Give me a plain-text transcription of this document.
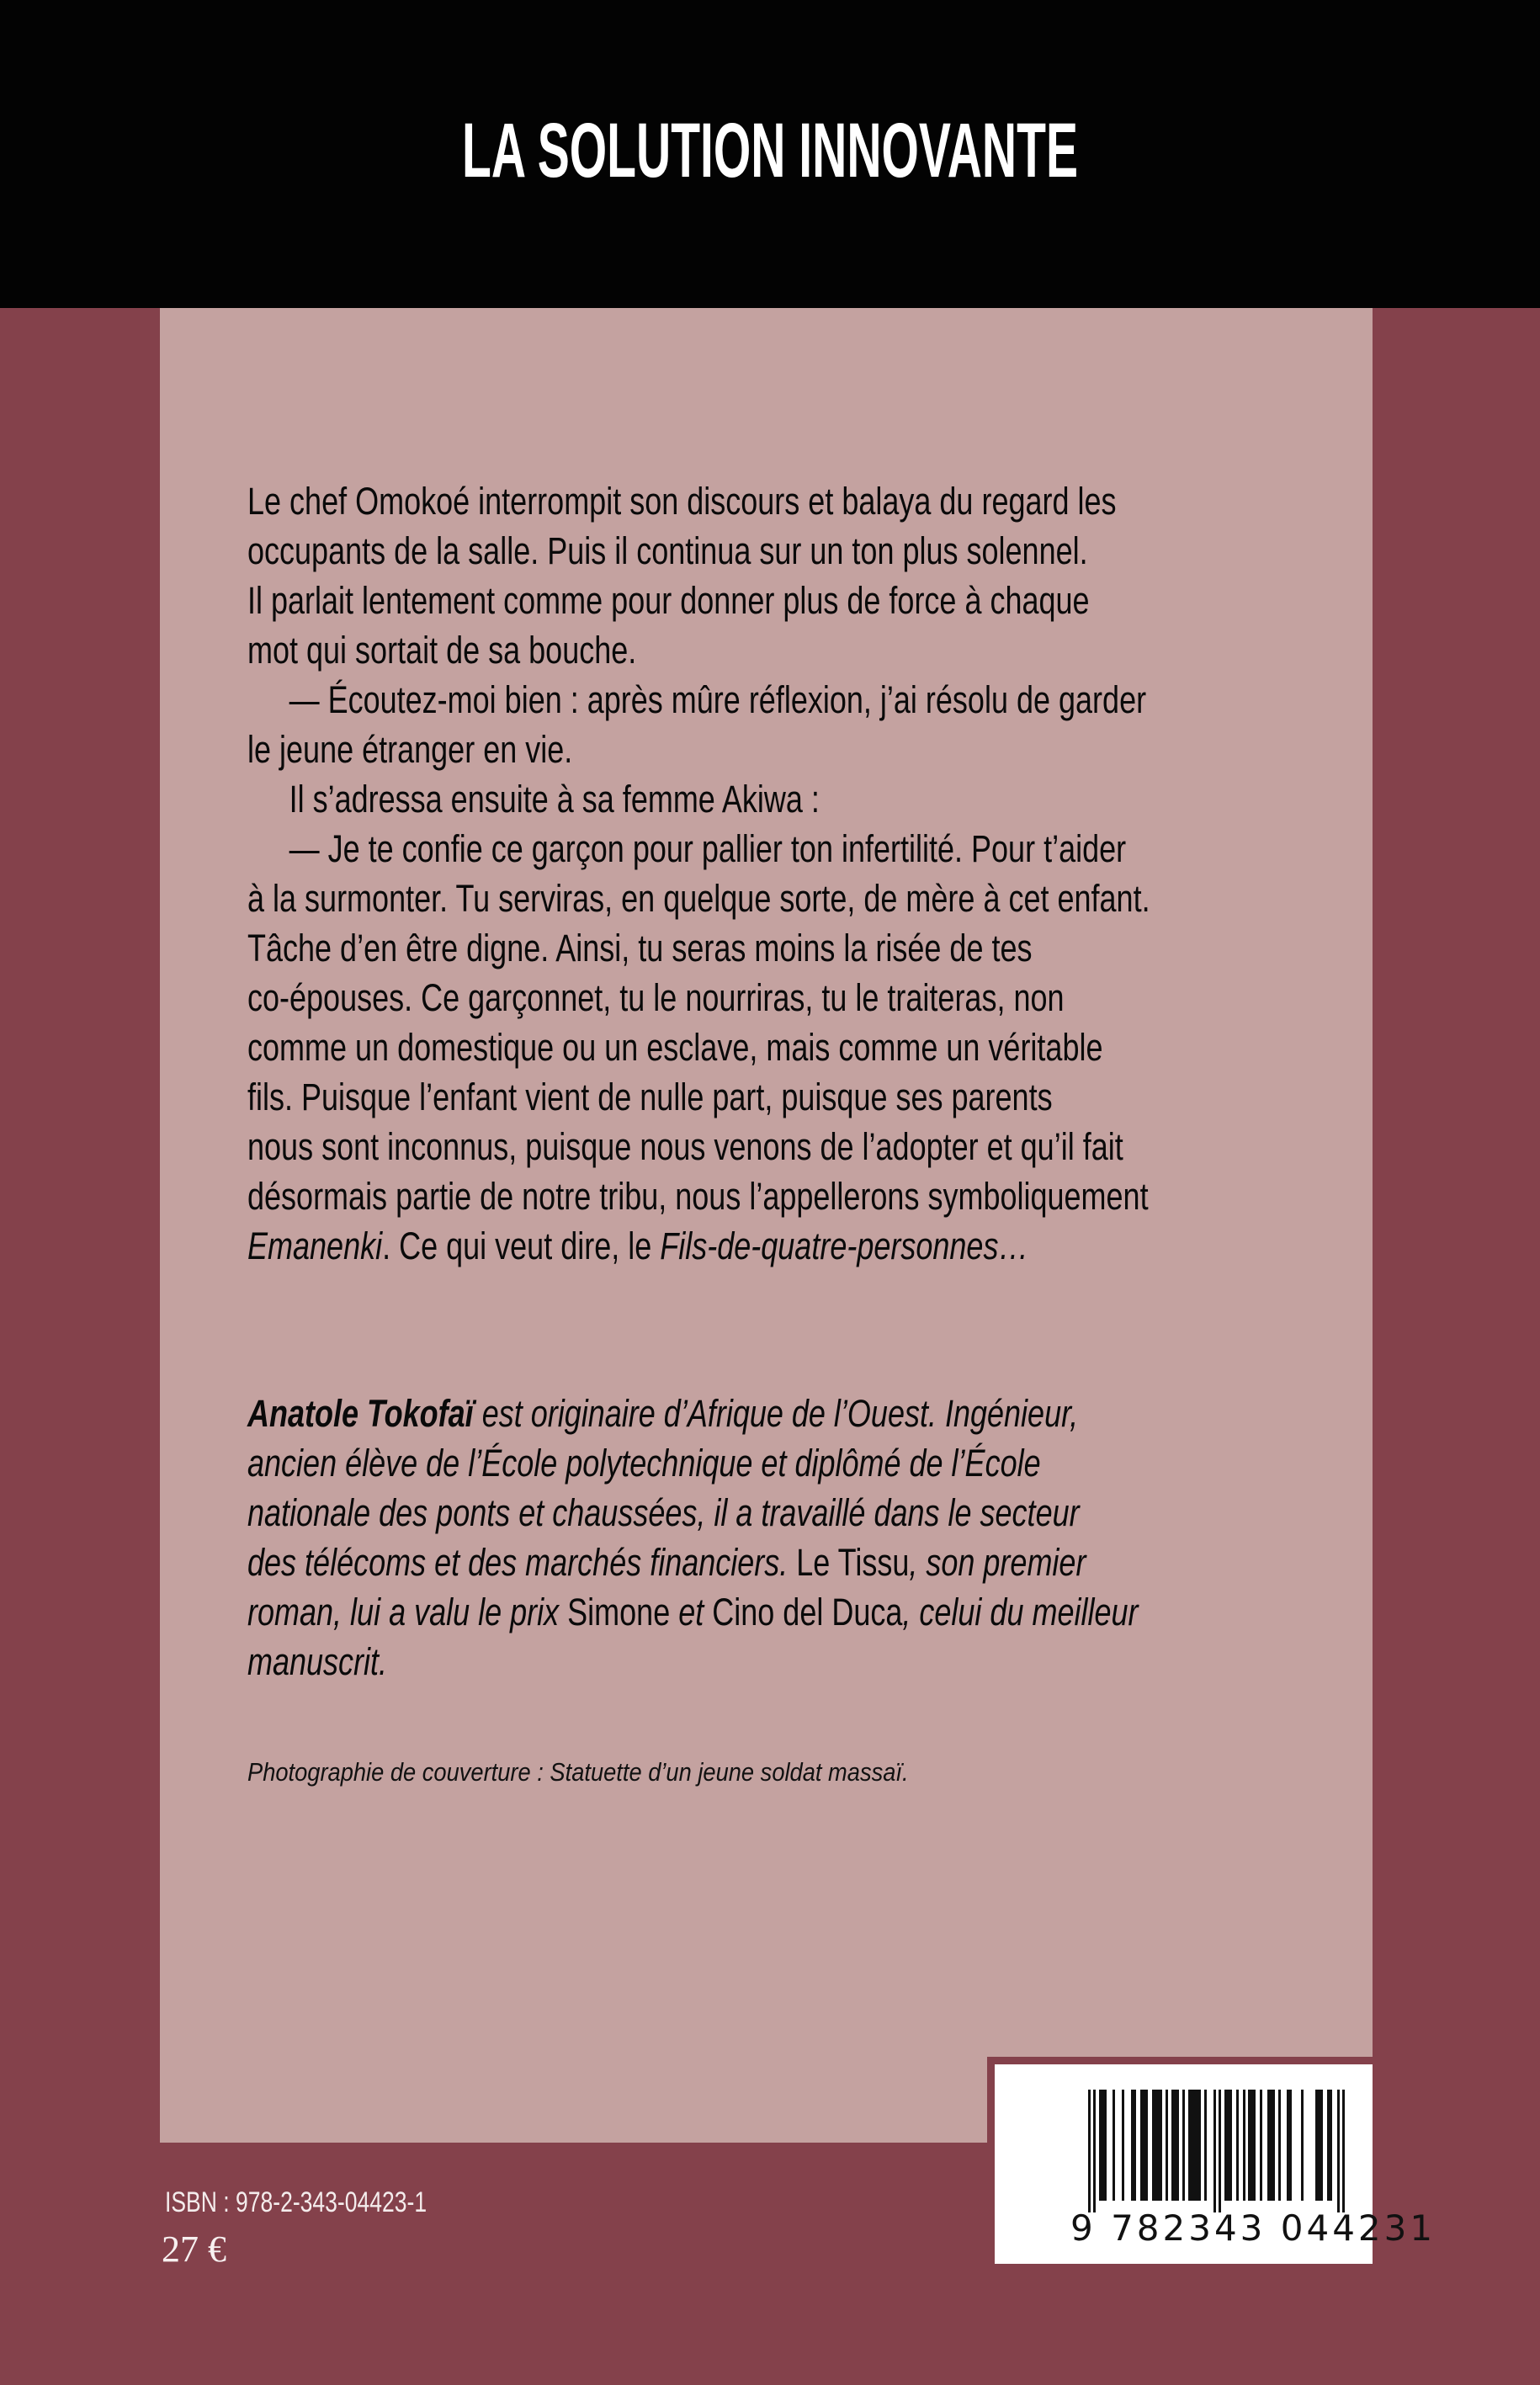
LA SOLUTION INNOVANTE
Le chef Omokoé interrompit son discours et balaya du regard les
occupants de la salle. Puis il continua sur un ton plus solennel.
Il parlait lentement comme pour donner plus de force à chaque
mot qui sortait de sa bouche.
— Écoutez-moi bien : après mûre réflexion, j’ai résolu de garder
le jeune étranger en vie.
Il s’adressa ensuite à sa femme Akiwa :
— Je te confie ce garçon pour pallier ton infertilité. Pour t’aider
à la surmonter. Tu serviras, en quelque sorte, de mère à cet enfant.
Tâche d’en être digne. Ainsi, tu seras moins la risée de tes
co-épouses. Ce garçonnet, tu le nourriras, tu le traiteras, non
comme un domestique ou un esclave, mais comme un véritable
fils. Puisque l’enfant vient de nulle part, puisque ses parents
nous sont inconnus, puisque nous venons de l’adopter et qu’il fait
désormais partie de notre tribu, nous l’appellerons symboliquement
Emanenki. Ce qui veut dire, le Fils-de-quatre-personnes…
Anatole Tokofaï est originaire d’Afrique de l’Ouest. Ingénieur,
ancien élève de l’École polytechnique et diplômé de l’École
nationale des ponts et chaussées, il a travaillé dans le secteur
des télécoms et des marchés financiers. Le Tissu, son premier
roman, lui a valu le prix Simone et Cino del Duca, celui du meilleur
manuscrit.
Photographie de couverture : Statuette d’un jeune soldat massaï.
ISBN : 978-2-343-04423-1
27 €
9 782343 044231
